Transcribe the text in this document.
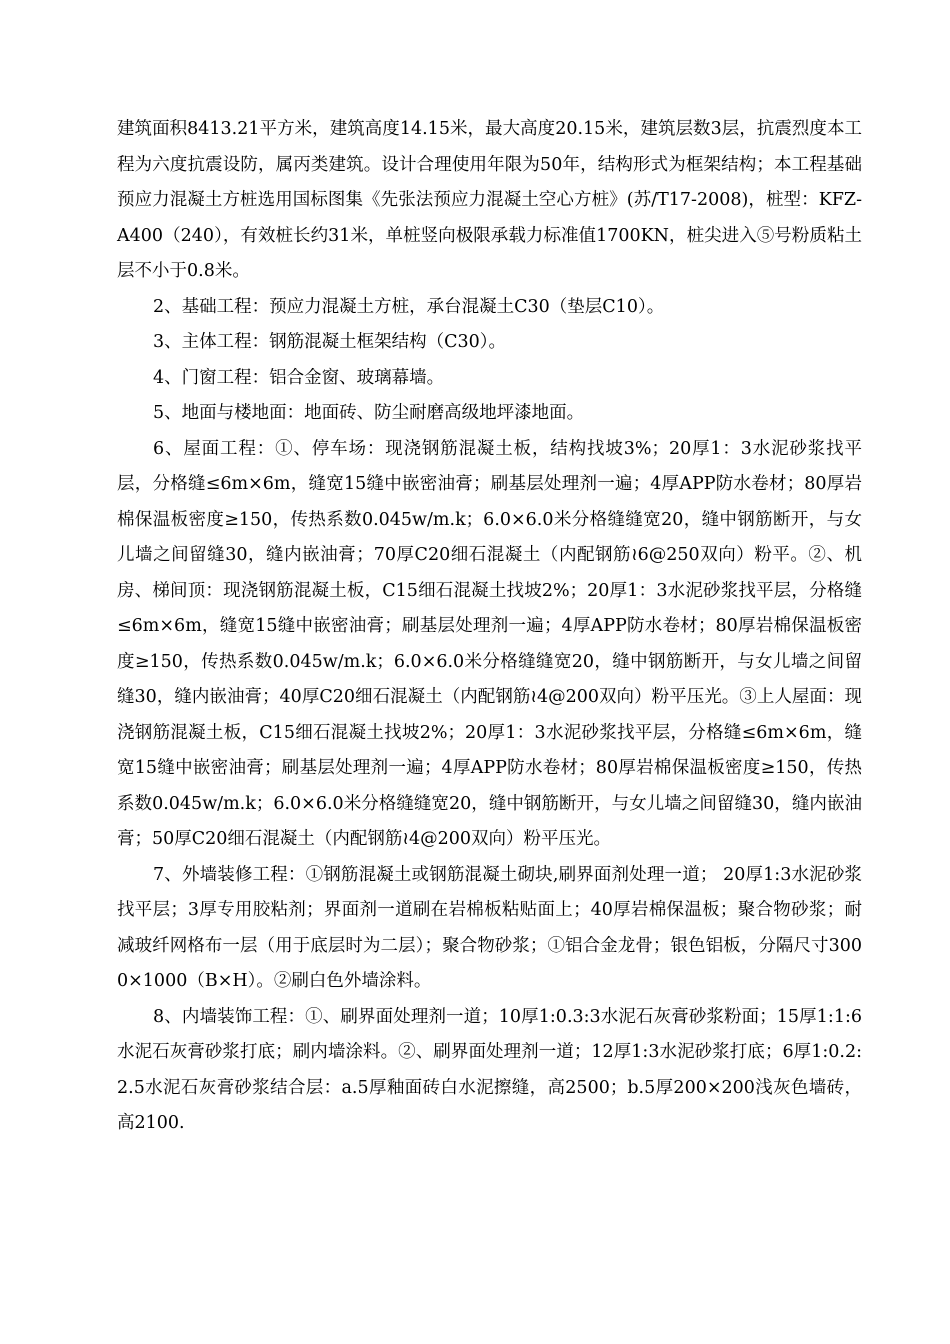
建筑面积8413.21平方米，建筑高度14.15米，最大高度20.15米，建筑层数3层，抗震烈度本工程为六度抗震设防，属丙类建筑。设计合理使用年限为50年，结构形式为框架结构；本工程基础预应力混凝土方桩选用国标图集《先张法预应力混凝土空心方桩》(苏/T17-2008)，桩型：KFZ-A400（240），有效桩长约31米，单桩竖向极限承载力标准值1700KN，桩尖进入⑤号粉质粘土层不小于0.8米。

2、基础工程：预应力混凝土方桩，承台混凝土C30（垫层C10）。

3、主体工程：钢筋混凝土框架结构（C30）。

4、门窗工程：铝合金窗、玻璃幕墙。

5、地面与楼地面：地面砖、防尘耐磨高级地坪漆地面。

6、屋面工程：①、停车场：现浇钢筋混凝土板，结构找坡3%；20厚1：3水泥砂浆找平层，分格缝≤6m×6m，缝宽15缝中嵌密油膏；刷基层处理剂一遍；4厚APP防水卷材；80厚岩棉保温板密度≥150，传热系数0.045w/m.k；6.0×6.0米分格缝缝宽20，缝中钢筋断开，与女儿墙之间留缝30，缝内嵌油膏；70厚C20细石混凝土（内配钢筋≀6@250双向）粉平。②、机房、梯间顶：现浇钢筋混凝土板，C15细石混凝土找坡2%；20厚1：3水泥砂浆找平层，分格缝≤6m×6m，缝宽15缝中嵌密油膏；刷基层处理剂一遍；4厚APP防水卷材；80厚岩棉保温板密度≥150，传热系数0.045w/m.k；6.0×6.0米分格缝缝宽20，缝中钢筋断开，与女儿墙之间留缝30，缝内嵌油膏；40厚C20细石混凝土（内配钢筋≀4@200双向）粉平压光。③上人屋面：现浇钢筋混凝土板，C15细石混凝土找坡2%；20厚1：3水泥砂浆找平层，分格缝≤6m×6m，缝宽15缝中嵌密油膏；刷基层处理剂一遍；4厚APP防水卷材；80厚岩棉保温板密度≥150，传热系数0.045w/m.k；6.0×6.0米分格缝缝宽20，缝中钢筋断开，与女儿墙之间留缝30，缝内嵌油膏；50厚C20细石混凝土（内配钢筋≀4@200双向）粉平压光。

7、外墙装修工程：①钢筋混凝土或钢筋混凝土砌块,刷界面剂处理一道； 20厚1:3水泥砂浆 找平层；3厚专用胶粘剂；界面剂一道刷在岩棉板粘贴面上；40厚岩棉保温板；聚合物砂浆；耐减玻纤网格布一层（用于底层时为二层）；聚合物砂浆；①铝合金龙骨；银色铝板，分隔尺寸3000×1000（B×H）。②刷白色外墙涂料。

8、内墙装饰工程：①、刷界面处理剂一道；10厚1:0.3:3水泥石灰膏砂浆粉面；15厚1:1:6水泥石灰膏砂浆打底；刷内墙涂料。②、刷界面处理剂一道；12厚1:3水泥砂浆打底；6厚1:0.2:2.5水泥石灰膏砂浆结合层：a.5厚釉面砖白水泥擦缝，高2500；b.5厚200×200浅灰色墙砖，高2100.
